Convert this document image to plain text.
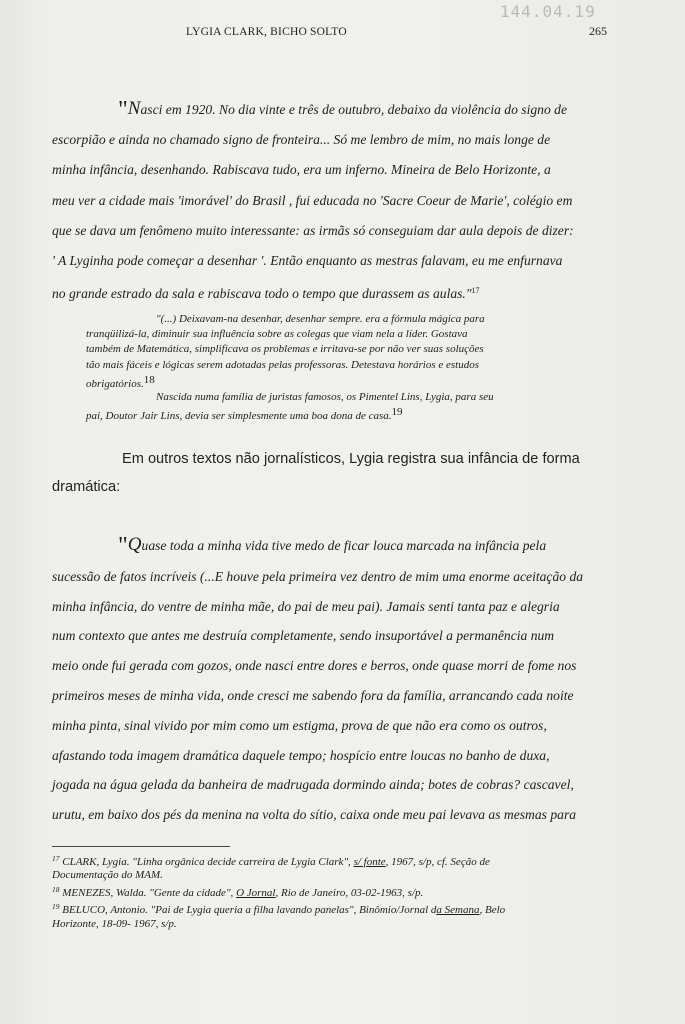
144.04.19
LYGIA CLARK, BICHO SOLTO	265
"Nasci em 1920. No dia vinte e três de outubro, debaixo da violência do signo de
escorpião e ainda no chamado signo de fronteira... Só me lembro de mim, no mais longe de
minha infância, desenhando. Rabiscava tudo, era um inferno. Mineira de Belo Horizonte, a
meu ver a cidade mais 'imorável' do Brasil , fui educada no 'Sacre Coeur de Marie', colégio em
que se dava um fenômeno muito interessante: as irmãs só conseguiam dar aula depois de dizer:
' A Lyginha pode começar a desenhar '. Então enquanto as mestras falavam, eu me enfurnava
no grande estrado da sala e rabiscava todo o tempo que durassem as aulas."$^{17}$
"(...) Deixavam-na desenhar, desenhar sempre. era a fórmula mágica para
tranqüilizá-la, diminuir sua influência sobre as colegas que viam nela a líder. Gostava
também de Matemática, simplificava os problemas e irritava-se por não ver suas soluções
tão mais fáceis e lógicas serem adotadas pelas professoras. Detestava horários e estudos
obrigatórios.18
Nascida numa família de juristas famosos, os Pimentel Lins, Lygia, para seu
pai, Doutor Jair Lins, devia ser simplesmente uma boa dona de casa.19
Em outros textos não jornalísticos, Lygia registra sua infância de forma
dramática:
"Quase toda a minha vida tive medo de ficar louca marcada na infância pela
sucessão de fatos incríveis (...E houve pela primeira vez dentro de mim uma enorme aceitação da
minha infância, do ventre de minha mãe, do pai de meu pai). Jamais senti tanta paz e alegria
num contexto que antes me destruía completamente, sendo insuportável a permanência num
meio onde fui gerada com gozos, onde nasci entre dores e berros, onde quase morri de fome nos
primeiros meses de minha vida, onde cresci me sabendo fora da família, arrancando cada noite
minha pinta, sinal vivido por mim como um estigma, prova de que não era como os outros,
afastando toda imagem dramática daquele tempo; hospício entre loucas no banho de duxa,
jogada na água gelada da banheira de madrugada dormindo ainda; botes de cobras? cascavel,
urutu, em baixo dos pés da menina na volta do sítio, caixa onde meu pai levava as mesmas para
$^{17}$ CLARK, Lygia. "Linha orgânica decide carreira de Lygia Clark", s/ fonte, 1967, s/p, cf. Seção de
Documentação do MAM.
$^{18}$ MENEZES, Walda. "Gente da cidade", O Jornal, Rio de Janeiro, 03-02-1963, s/p.
$^{19}$ BELUCO, Antonio. "Pai de Lygia queria a filha lavando panelas", Binômio/Jornal da Semana, Belo
Horizonte, 18-09- 1967, s/p.
